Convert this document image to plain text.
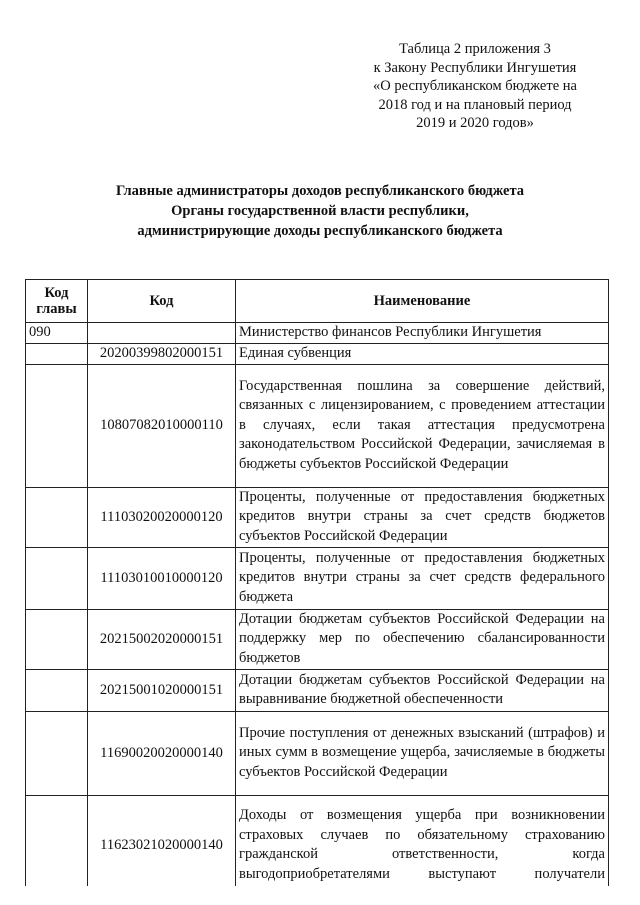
Таблица 2 приложения 3
к Закону Республики Ингушетия
«О республиканском бюджете на
2018 год и на плановый период
2019 и 2020 годов»
Главные администраторы доходов республиканского бюджета
Органы государственной власти республики,
администрирующие доходы республиканского бюджета
Код главы	Код	Наименование
090		Министерство финансов Республики Ингушетия
	20200399802000151	Единая субвенция
	10807082010000110	Государственная пошлина за совершение действий, связанных с лицензированием, с проведением аттестации в случаях, если такая аттестация предусмотрена законодательством Российской Федерации, зачисляемая в бюджеты субъектов Российской Федерации
	11103020020000120	Проценты, полученные от предоставления бюджетных кредитов внутри страны за счет средств бюджетов субъектов Российской Федерации
	11103010010000120	Проценты, полученные от предоставления бюджетных кредитов внутри страны за счет средств федерального бюджета
	20215002020000151	Дотации бюджетам субъектов Российской Федерации на поддержку мер по обеспечению сбалансированности бюджетов
	20215001020000151	Дотации бюджетам субъектов Российской Федерации на выравнивание бюджетной обеспеченности
	11690020020000140	Прочие поступления от денежных взысканий (штрафов) и иных сумм в возмещение ущерба, зачисляемые в бюджеты субъектов Российской Федерации
	11623021020000140	Доходы от возмещения ущерба при возникновении страховых случаев по обязательному страхованию гражданской ответственности, когда выгодоприобретателями выступают получатели
